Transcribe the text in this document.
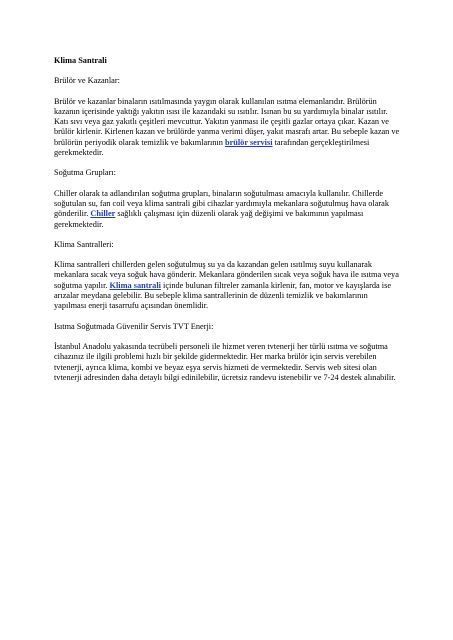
Klima Santrali
Brülör ve Kazanlar:
Brülör ve kazanlar binaların ısıtılmasında yaygın olarak kullanılan ısıtma elemanlarıdır. Brülörün kazanın içerisinde yaktığı yakıtın ısısı ile kazandaki su ısıtılır. Isınan bu su yardımıyla binalar ısıtılır. Katı sıvı veya gaz yakıtlı çeşitleri mevcuttur. Yakıtın yanması ile çeşitli gazlar ortaya çıkar. Kazan ve brülör kirlenir. Kirlenen kazan ve brülörde yanma verimi düşer, yakıt masrafı artar. Bu sebeple kazan ve brülörün periyodik olarak temizlik ve bakımlarının brülör servisi tarafından gerçekleştirilmesi gerekmektedir.
Soğutma Grupları:
Chiller olarak ta adlandırılan soğutma grupları, binaların soğutulması amacıyla kullanılır. Chillerde soğutulan su, fan coil veya klima santrali gibi cihazlar yardımıyla mekanlara soğutulmuş hava olarak gönderilir. Chiller sağlıklı çalışması için düzenli olarak yağ değişimi ve bakımının yapılması gerekmektedir.
Klima Santralleri:
Klima santralleri chillerden gelen soğutulmuş su ya da kazandan gelen ısıtılmış suyu kullanarak mekanlara sıcak veya soğuk hava gönderir. Mekanlara gönderilen sıcak veya soğuk hava ile ısıtma veya soğutma yapılır. Klima santrali içinde bulunan filtreler zamanla kirlenir, fan, motor ve kayışlarda ise arızalar meydana gelebilir. Bu sebeple klima santrallerinin de düzenli temizlik ve bakımlarının yapılması enerji tasarrufu açısından önemlidir.
Isıtma Soğutmada Güvenilir Servis TVT Enerji:
İstanbul Anadolu yakasında tecrübeli personeli ile hizmet veren tvtenerji her türlü ısıtma ve soğutma cihazınız ile ilgili problemi hızlı bir şekilde gidermektedir. Her marka brülör için servis verebilen tvtenerji, ayrıca klima, kombi ve beyaz eşya servis hizmeti de vermektedir. Servis web sitesi olan tvtenerji adresinden daha detaylı bilgi edinilebilir, ücretsiz randevu istenebilir ve 7-24 destek alınabilir.
